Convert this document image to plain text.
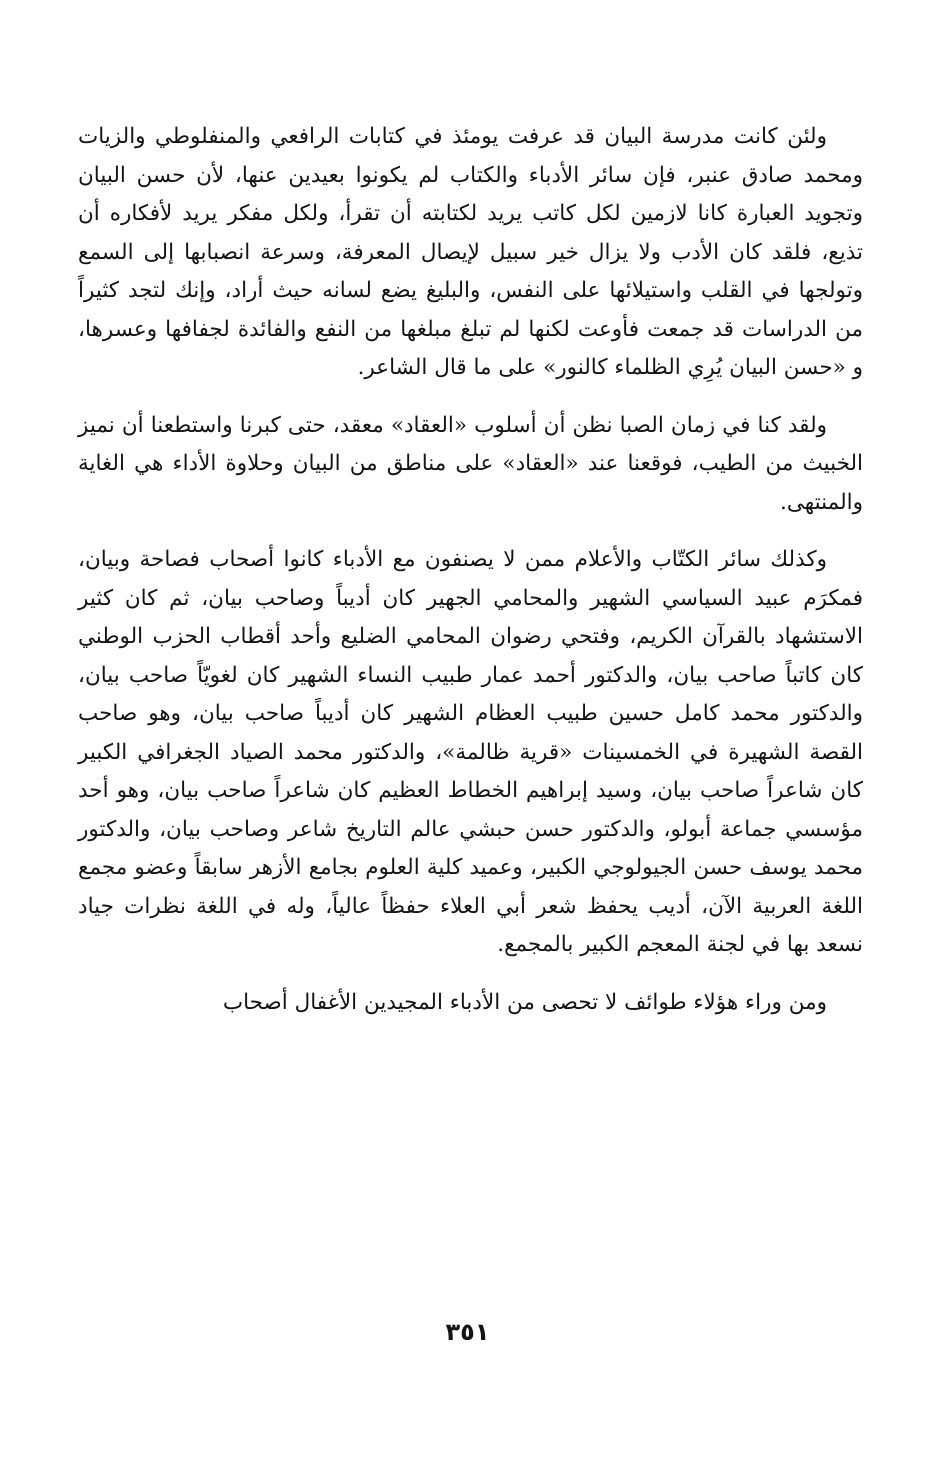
ولئن كانت مدرسة البيان قد عرفت يومئذ في كتابات الرافعي والمنفلوطي والزيات ومحمد صادق عنبر، فإن سائر الأدباء والكتاب لم يكونوا بعيدين عنها، لأن حسن البيان وتجويد العبارة كانا لازمين لكل كاتب يريد لكتابته أن تقرأ، ولكل مفكر يريد لأفكاره أن تذيع، فلقد كان الأدب ولا يزال خير سبيل لإيصال المعرفة، وسرعة انصبابها إلى السمع وتولجها في القلب واستيلائها على النفس، والبليغ يضع لسانه حيث أراد، وإنك لتجد كثيراً من الدراسات قد جمعت فأوعت لكنها لم تبلغ مبلغها من النفع والفائدة لجفافها وعسرها، و «حسن البيان يُرِي الظلماء كالنور» على ما قال الشاعر.

ولقد كنا في زمان الصبا نظن أن أسلوب «العقاد» معقد، حتى كبرنا واستطعنا أن نميز الخبيث من الطيب، فوقعنا عند «العقاد» على مناطق من البيان وحلاوة الأداء هي الغاية والمنتهى.

وكذلك سائر الكتّاب والأعلام ممن لا يصنفون مع الأدباء كانوا أصحاب فصاحة وبيان، فمكرَم عبيد السياسي الشهير والمحامي الجهير كان أديباً وصاحب بيان، ثم كان كثير الاستشهاد بالقرآن الكريم، وفتحي رضوان المحامي الضليع وأحد أقطاب الحزب الوطني كان كاتباً صاحب بيان، والدكتور أحمد عمار طبيب النساء الشهير كان لغويّاً صاحب بيان، والدكتور محمد كامل حسين طبيب العظام الشهير كان أديباً صاحب بيان، وهو صاحب القصة الشهيرة في الخمسينات «قرية ظالمة»، والدكتور محمد الصياد الجغرافي الكبير كان شاعراً صاحب بيان، وسيد إبراهيم الخطاط العظيم كان شاعراً صاحب بيان، وهو أحد مؤسسي جماعة أبولو، والدكتور حسن حبشي عالم التاريخ شاعر وصاحب بيان، والدكتور محمد يوسف حسن الجيولوجي الكبير، وعميد كلية العلوم بجامع الأزهر سابقاً وعضو مجمع اللغة العربية الآن، أديب يحفظ شعر أبي العلاء حفظاً عالياً، وله في اللغة نظرات جياد نسعد بها في لجنة المعجم الكبير بالمجمع.

ومن وراء هؤلاء طوائف لا تحصى من الأدباء المجيدين الأغفال أصحاب

٣٥١
